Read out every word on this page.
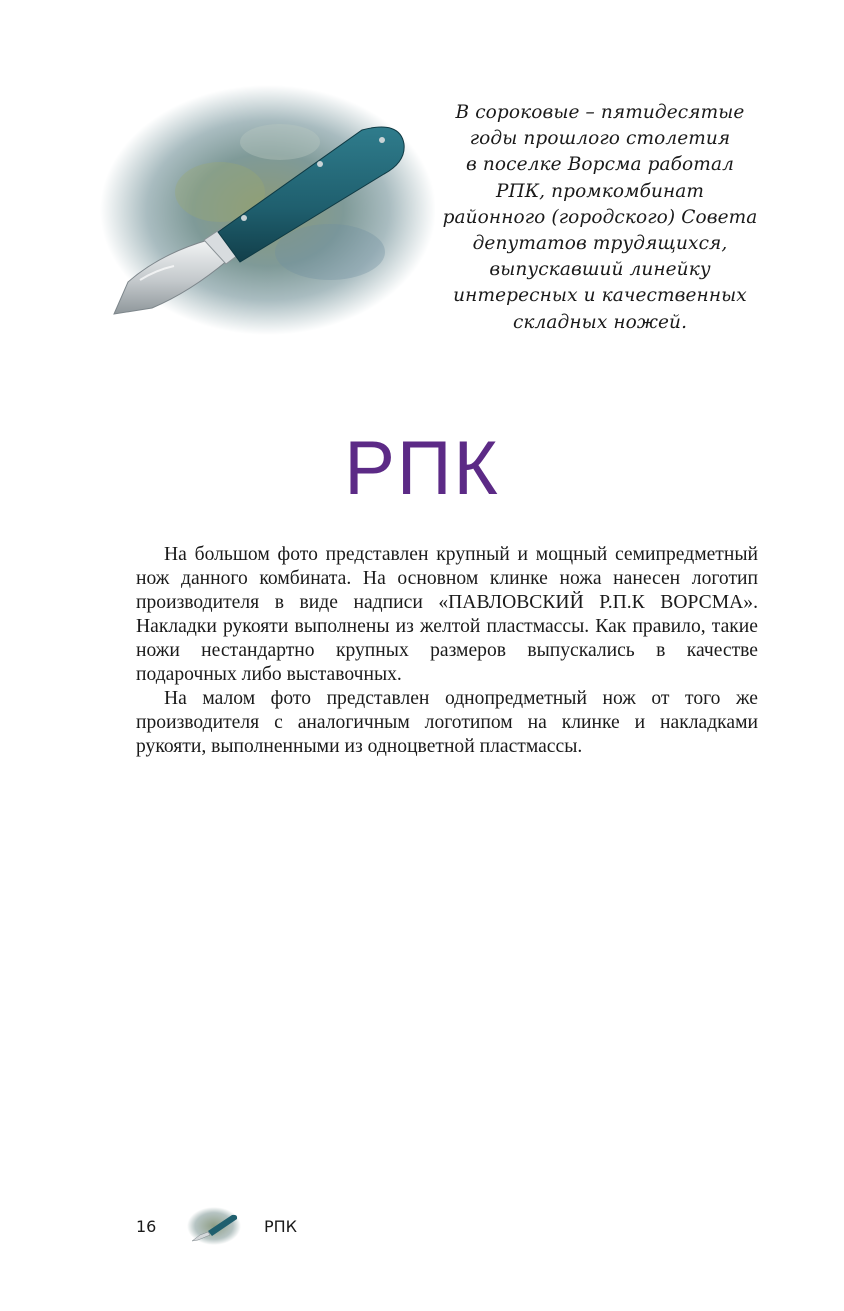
В сороковые – пятидесятые
годы прошлого столетия
в поселке Ворсма работал
РПК, промкомбинат
районного (городского) Совета
депутатов трудящихся,
выпускавший линейку
интересных и качественных
складных ножей.
РПК

На большом фото представлен крупный и мощный семипредметный нож данного комбината. На основном клинке ножа нанесен логотип производителя в виде надписи «ПАВЛОВСКИЙ Р.П.К ВОРСМА». Накладки рукояти выполнены из желтой пластмассы. Как правило, такие ножи нестандартно крупных размеров выпускались в качестве подарочных либо выставочных.

На малом фото представлен однопредметный нож от того же производителя с аналогичным логотипом на клинке и накладками рукояти, выполненными из одноцветной пластмассы.

16	РПК
